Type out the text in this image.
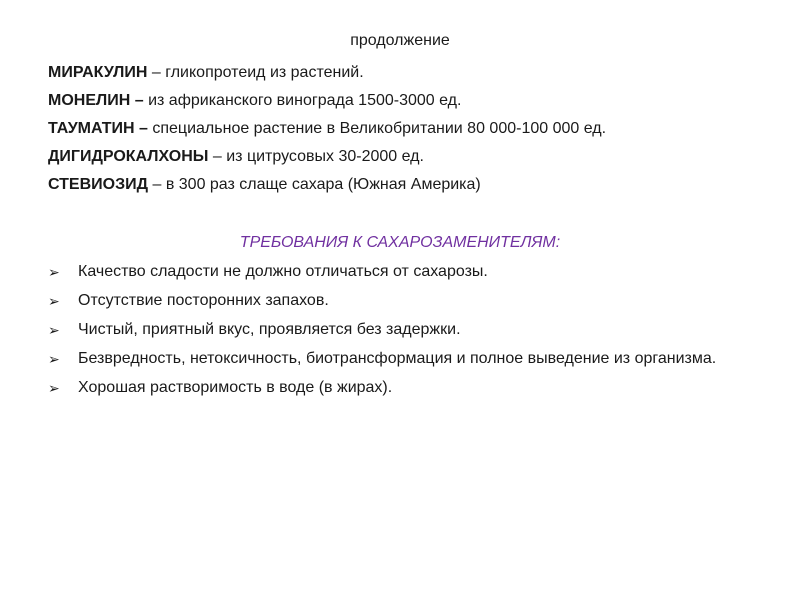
продолжение

МИРАКУЛИН – гликопротеид из растений.

МОНЕЛИН – из африканского винограда 1500-3000 ед.

ТАУМАТИН – специальное растение в Великобритании 80 000-100 000 ед.

ДИГИДРОКАЛХОНЫ – из цитрусовых 30-2000 ед.

СТЕВИОЗИД – в 300 раз слаще сахара (Южная Америка)

ТРЕБОВАНИЯ К САХАРОЗАМЕНИТЕЛЯМ:
➢ Качество сладости не должно отличаться от сахарозы.
➢ Отсутствие посторонних запахов.
➢ Чистый, приятный вкус, проявляется без задержки.
➢ Безвредность, нетоксичность, биотрансформация и полное выведение из организма.
➢ Хорошая растворимость в воде (в жирах).
